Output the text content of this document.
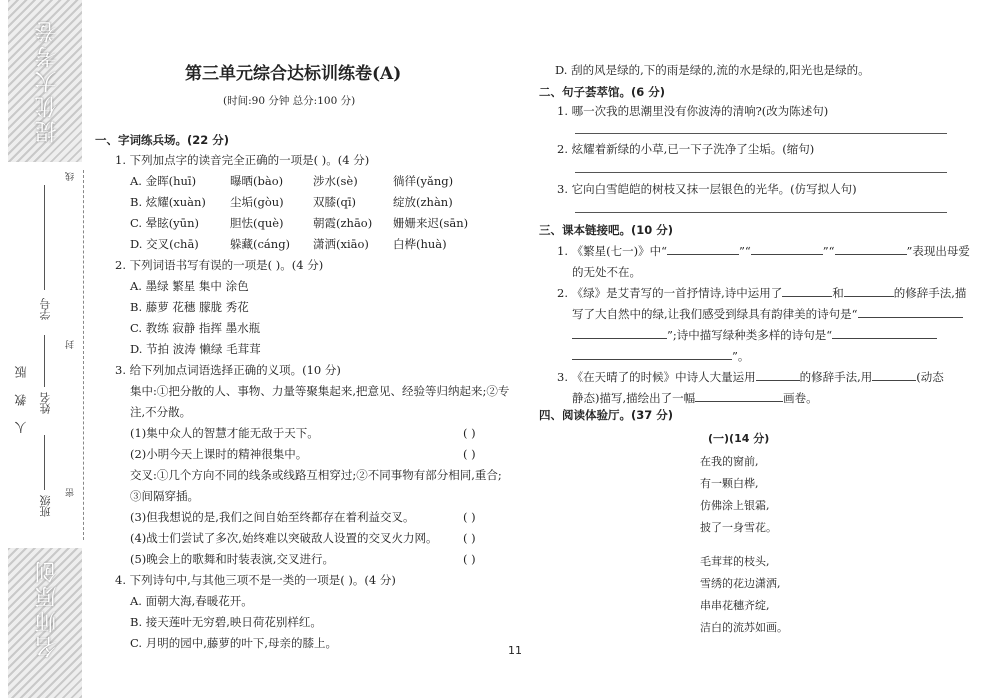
提优大考卷
名师原创
人 教 版
班级
姓名
学号
密
封
线
第三单元综合达标训练卷(A)
(时间:90 分钟 总分:100 分)
一、字词练兵场。(22 分)
1. 下列加点字的读音完全正确的一项是( )。(4 分)
A. 金晖(huī)	曝晒(bào)	涉水(sè)	徜徉(yǎng)
B. 炫耀(xuàn) 尘垢(gòu)	双膝(qī)	绽放(zhàn)
C. 晕眩(yūn)	胆怯(què)	朝霞(zhāo) 姗姗来迟(sān)
D. 交叉(chā)	躲藏(cáng) 潇洒(xiāo) 白桦(huà)
2. 下列词语书写有误的一项是( )。(4 分)
A. 墨绿 繁星 集中 涂色
B. 藤萝 花穗 朦胧 秀花
C. 教练 寂静 指挥 墨水瓶
D. 节拍 波涛 懒绿 毛茸茸
3. 给下列加点词语选择正确的义项。(10 分)
集中:①把分散的人、事物、力量等聚集起来,把意见、经验等归纳起来;②专
注,不分散。
(1)集中众人的智慧才能无敌于天下。	( )
(2)小明今天上课时的精神很集中。	( )
交叉:①几个方向不同的线条或线路互相穿过;②不同事物有部分相同,重合;
③间隔穿插。
(3)但我想说的是,我们之间自始至终都存在着利益交叉。	( )
(4)战士们尝试了多次,始终难以突破敌人设置的交叉火力网。 ( )
(5)晚会上的歌舞和时装表演,交叉进行。	( )
4. 下列诗句中,与其他三项不是一类的一项是( )。(4 分)
A. 面朝大海,春暖花开。
B. 接天莲叶无穷碧,映日荷花别样红。
C. 月明的园中,藤萝的叶下,母亲的膝上。
D. 刮的风是绿的,下的雨是绿的,流的水是绿的,阳光也是绿的。
二、句子荟萃馆。(6 分)
1. 哪一次我的思潮里没有你波涛的清响?(改为陈述句)
2. 炫耀着新绿的小草,已一下子洗净了尘垢。(缩句)
3. 它向白雪皑皑的树枝又抹一层银色的光华。(仿写拟人句)
三、课本链接吧。(10 分)
1. 《繁星(七一)》中“	”“	”“	”表现出母爱
的无处不在。
2. 《绿》是艾青写的一首抒情诗,诗中运用了	和	的修辞手法,描
写了大自然中的绿,让我们感受到绿具有韵律美的诗句是“
”;诗中描写绿种类多样的诗句是“
”。
3. 《在天晴了的时候》中诗人大量运用	的修辞手法,用	(动态
静态)描写,描绘出了一幅	画卷。
四、阅读体验厅。(37 分)
(一)(14 分)
在我的窗前,
有一颗白桦,
仿佛涂上银霜,
披了一身雪花。
毛茸茸的枝头,
雪绣的花边潇洒,
串串花穗齐绽,
洁白的流苏如画。
11
